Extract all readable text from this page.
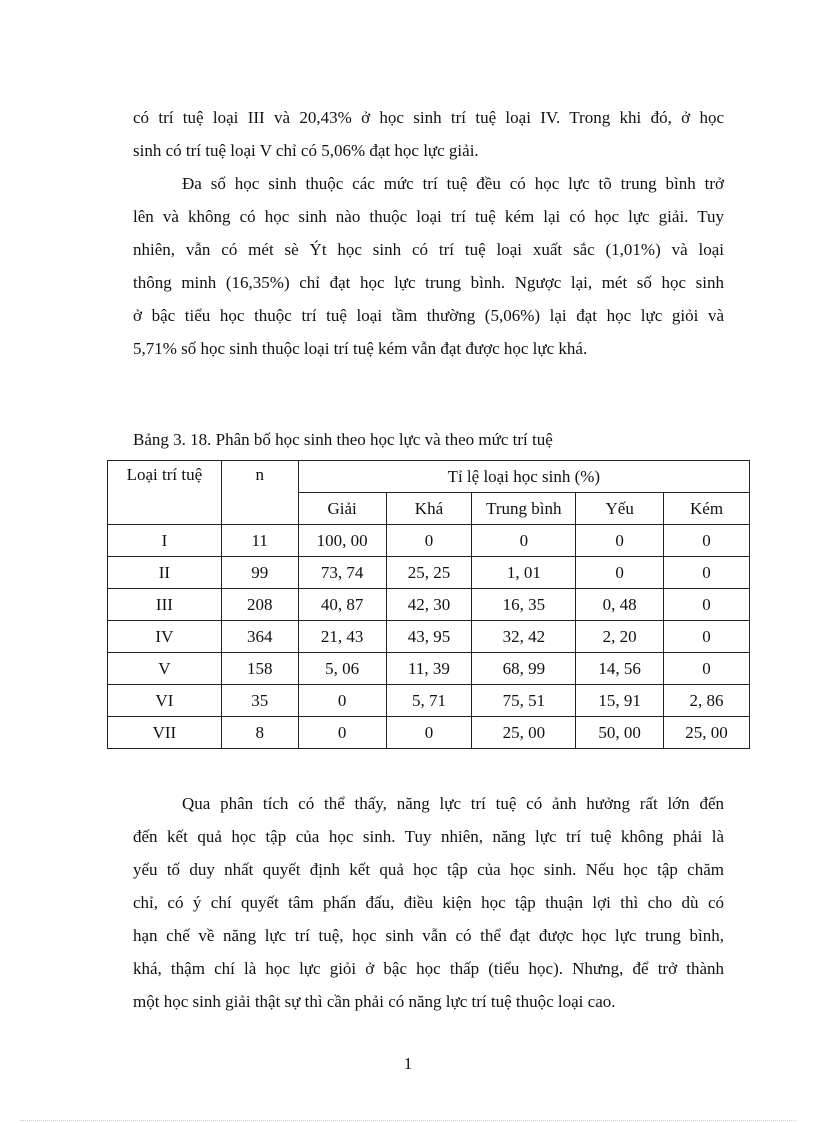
có trí tuệ loại III và 20,43% ở học sinh trí tuệ loại IV. Trong khi đó, ở học
sinh có trí tuệ loại V chỉ có 5,06% đạt học lực giải.
Đa số học sinh thuộc các mức trí tuệ đều có học lực tõ trung bình trở
lên và không có học sinh nào thuộc loại trí tuệ kém lại có học lực giải. Tuy
nhiên, vẫn có mét sè Ýt học sinh có trí tuệ loại xuất sắc (1,01%) và loại
thông minh (16,35%) chỉ đạt học lực trung bình. Ngược lại, mét số học sinh
ở bậc tiểu học thuộc trí tuệ loại tầm thường (5,06%) lại đạt học lực giỏi và
5,71% số học sinh thuộc loại trí tuệ kém vẫn đạt được học lực khá.

Bảng 3. 18. Phân bố học sinh theo học lực và theo mức trí tuệ

Loại trí tuệ	n	Tỉ lệ loại học sinh (%)				
		Giải	Khá	Trung bình	Yếu	Kém
I	11	100, 00	0	0	0	0
II	99	73, 74	25, 25	1, 01	0	0
III	208	40, 87	42, 30	16, 35	0, 48	0
IV	364	21, 43	43, 95	32, 42	2, 20	0
V	158	5, 06	11, 39	68, 99	14, 56	0
VI	35	0	5, 71	75, 51	15, 91	2, 86
VII	8	0	0	25, 00	50, 00	25, 00
Qua phân tích có thể thấy, năng lực trí tuệ có ảnh hưởng rất lớn đến
đến kết quả học tập của học sinh. Tuy nhiên, năng lực trí tuệ không phải là
yếu tố duy nhất quyết định kết quả học tập của học sinh. Nếu học tập chăm
chỉ, có ý chí quyết tâm phấn đấu, điều kiện học tập thuận lợi thì cho dù có
hạn chế về năng lực trí tuệ, học sinh vẫn có thể đạt được học lực trung bình,
khá, thậm chí là học lực giỏi ở bậc học thấp (tiểu học). Nhưng, để trở thành
một học sinh giải thật sự thì cần phải có năng lực trí tuệ thuộc loại cao.

1
